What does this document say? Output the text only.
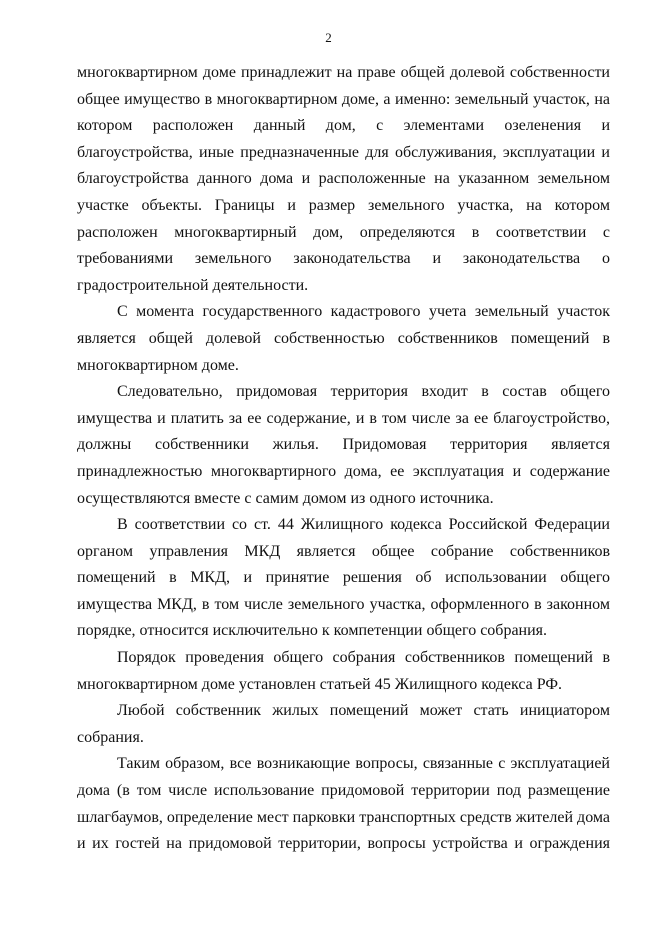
2

многоквартирном доме принадлежит на праве общей долевой собственности общее имущество в многоквартирном доме, а именно: земельный участок, на котором расположен данный дом, с элементами озеленения и благоустройства, иные предназначенные для обслуживания, эксплуатации и благоустройства данного дома и расположенные на указанном земельном участке объекты. Границы и размер земельного участка, на котором расположен многоквартирный дом, определяются в соответствии с требованиями земельного законодательства и законодательства о градостроительной деятельности.

С момента государственного кадастрового учета земельный участок является общей долевой собственностью собственников помещений в многоквартирном доме.

Следовательно, придомовая территория входит в состав общего имущества и платить за ее содержание, и в том числе за ее благоустройство, должны собственники жилья. Придомовая территория является принадлежностью многоквартирного дома, ее эксплуатация и содержание осуществляются вместе с самим домом из одного источника.

В соответствии со ст. 44 Жилищного кодекса Российской Федерации органом управления МКД является общее собрание собственников помещений в МКД, и принятие решения об использовании общего имущества МКД, в том числе земельного участка, оформленного в законном порядке, относится исключительно к компетенции общего собрания.

Порядок проведения общего собрания собственников помещений в многоквартирном доме установлен статьей 45 Жилищного кодекса РФ.

Любой собственник жилых помещений может стать инициатором собрания.

Таким образом, все возникающие вопросы, связанные с эксплуатацией дома (в том числе использование придомовой территории под размещение шлагбаумов, определение мест парковки транспортных средств жителей дома и их гостей на придомовой территории, вопросы устройства и ограждения
